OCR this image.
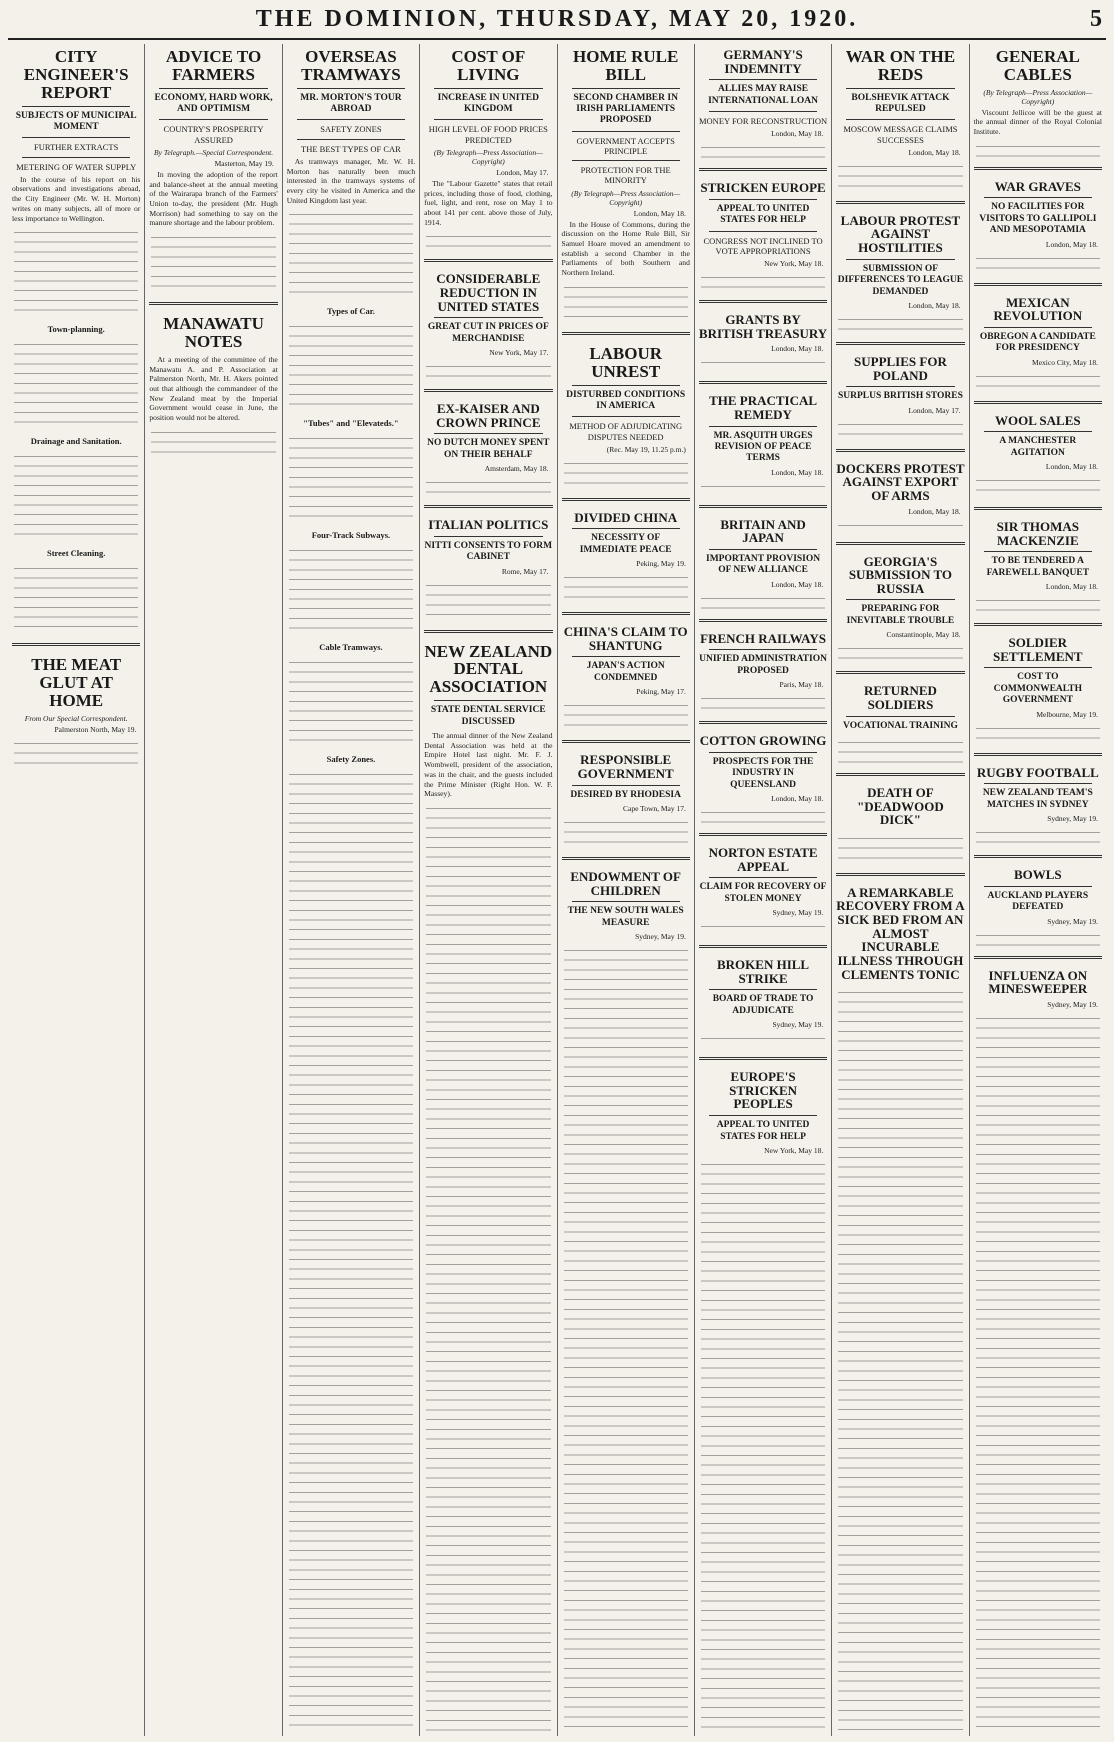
THE DOMINION, THURSDAY, MAY 20, 1920.	5
CITY ENGINEER'S REPORT
SUBJECTS OF MUNICIPAL MOMENT
FURTHER EXTRACTS
METERING OF WATER SUPPLY

In the course of his report on his observations and investigations abroad, the City Engineer (Mr. W. H. Morton) writes on many subjects, all of more or less importance to Wellington.

Town-planning.
Drainage and Sanitation.
Street Cleaning.
THE MEAT GLUT AT HOME
From Our Special Correspondent.
Palmerston North, May 19.
ADVICE TO FARMERS
ECONOMY, HARD WORK, AND OPTIMISM
COUNTRY'S PROSPERITY ASSURED
By Telegraph.—Special Correspondent.
Masterton, May 19.

In moving the adoption of the report and balance-sheet at the annual meeting of the Wairarapa branch of the Farmers' Union to-day, the president (Mr. Hugh Morrison) had something to say on the manure shortage and the labour problem.

MANAWATU NOTES

At a meeting of the committee of the Manawatu A. and P. Association at Palmerston North, Mr. H. Akers pointed out that although the commandeer of the New Zealand meat by the Imperial Government would cease in June, the position would not be altered.

OVERSEAS TRAMWAYS
MR. MORTON'S TOUR ABROAD
SAFETY ZONES
THE BEST TYPES OF CAR

As tramways manager, Mr. W. H. Morton has naturally been much interested in the tramways systems of every city he visited in America and the United Kingdom last year.

Types of Car.
"Tubes" and "Elevateds."
Four-Track Subways.
Cable Tramways.
Safety Zones.
COST OF LIVING
INCREASE IN UNITED KINGDOM
HIGH LEVEL OF FOOD PRICES PREDICTED
(By Telegraph—Press Association—Copyright)
London, May 17.

The "Labour Gazette" states that retail prices, including those of food, clothing, fuel, light, and rent, rose on May 1 to about 141 per cent. above those of July, 1914.

CONSIDERABLE REDUCTION IN UNITED STATES
GREAT CUT IN PRICES OF MERCHANDISE
New York, May 17.
EX-KAISER AND CROWN PRINCE
NO DUTCH MONEY SPENT ON THEIR BEHALF
Amsterdam, May 18.
ITALIAN POLITICS
NITTI CONSENTS TO FORM CABINET
Rome, May 17.
NEW ZEALAND DENTAL ASSOCIATION
STATE DENTAL SERVICE DISCUSSED

The annual dinner of the New Zealand Dental Association was held at the Empire Hotel last night. Mr. F. J. Wombwell, president of the association, was in the chair, and the guests included the Prime Minister (Right Hon. W. F. Massey).

HOME RULE BILL
SECOND CHAMBER IN IRISH PARLIAMENTS PROPOSED
GOVERNMENT ACCEPTS PRINCIPLE
PROTECTION FOR THE MINORITY
(By Telegraph—Press Association—Copyright)
London, May 18.

In the House of Commons, during the discussion on the Home Rule Bill, Sir Samuel Hoare moved an amendment to establish a second Chamber in the Parliaments of both Southern and Northern Ireland.

LABOUR UNREST
DISTURBED CONDITIONS IN AMERICA
METHOD OF ADJUDICATING DISPUTES NEEDED
(Rec. May 19, 11.25 p.m.)
DIVIDED CHINA
NECESSITY OF IMMEDIATE PEACE
Peking, May 19.
CHINA'S CLAIM TO SHANTUNG
JAPAN'S ACTION CONDEMNED
Peking, May 17.
RESPONSIBLE GOVERNMENT
DESIRED BY RHODESIA
Cape Town, May 17.
ENDOWMENT OF CHILDREN
THE NEW SOUTH WALES MEASURE
Sydney, May 19.
GERMANY'S INDEMNITY
ALLIES MAY RAISE INTERNATIONAL LOAN
MONEY FOR RECONSTRUCTION
London, May 18.
STRICKEN EUROPE
APPEAL TO UNITED STATES FOR HELP
CONGRESS NOT INCLINED TO VOTE APPROPRIATIONS
New York, May 18.
GRANTS BY BRITISH TREASURY
London, May 18.
THE PRACTICAL REMEDY
MR. ASQUITH URGES REVISION OF PEACE TERMS
London, May 18.
BRITAIN AND JAPAN
IMPORTANT PROVISION OF NEW ALLIANCE
London, May 18.
FRENCH RAILWAYS
UNIFIED ADMINISTRATION PROPOSED
Paris, May 18.
COTTON GROWING
PROSPECTS FOR THE INDUSTRY IN QUEENSLAND
London, May 18.
NORTON ESTATE APPEAL
CLAIM FOR RECOVERY OF STOLEN MONEY
Sydney, May 19.
BROKEN HILL STRIKE
BOARD OF TRADE TO ADJUDICATE
Sydney, May 19.
EUROPE'S STRICKEN PEOPLES
APPEAL TO UNITED STATES FOR HELP
New York, May 18.
WAR ON THE REDS
BOLSHEVIK ATTACK REPULSED
MOSCOW MESSAGE CLAIMS SUCCESSES
London, May 18.
LABOUR PROTEST AGAINST HOSTILITIES
SUBMISSION OF DIFFERENCES TO LEAGUE DEMANDED
London, May 18.
SUPPLIES FOR POLAND
SURPLUS BRITISH STORES
London, May 17.
DOCKERS PROTEST AGAINST EXPORT OF ARMS
London, May 18.
GEORGIA'S SUBMISSION TO RUSSIA
PREPARING FOR INEVITABLE TROUBLE
Constantinople, May 18.
RETURNED SOLDIERS
VOCATIONAL TRAINING
DEATH OF "DEADWOOD DICK"
A REMARKABLE RECOVERY FROM A SICK BED FROM AN ALMOST INCURABLE ILLNESS THROUGH CLEMENTS TONIC
GENERAL CABLES
(By Telegraph—Press Association—Copyright)

Viscount Jellicoe will be the guest at the annual dinner of the Royal Colonial Institute.

WAR GRAVES
NO FACILITIES FOR VISITORS TO GALLIPOLI AND MESOPOTAMIA
London, May 18.
MEXICAN REVOLUTION
OBREGON A CANDIDATE FOR PRESIDENCY
Mexico City, May 18.
WOOL SALES
A MANCHESTER AGITATION
London, May 18.
SIR THOMAS MACKENZIE
TO BE TENDERED A FAREWELL BANQUET
London, May 18.
SOLDIER SETTLEMENT
COST TO COMMONWEALTH GOVERNMENT
Melbourne, May 19.
RUGBY FOOTBALL
NEW ZEALAND TEAM'S MATCHES IN SYDNEY
Sydney, May 19.
BOWLS
AUCKLAND PLAYERS DEFEATED
Sydney, May 19.
INFLUENZA ON MINESWEEPER
Sydney, May 19.
